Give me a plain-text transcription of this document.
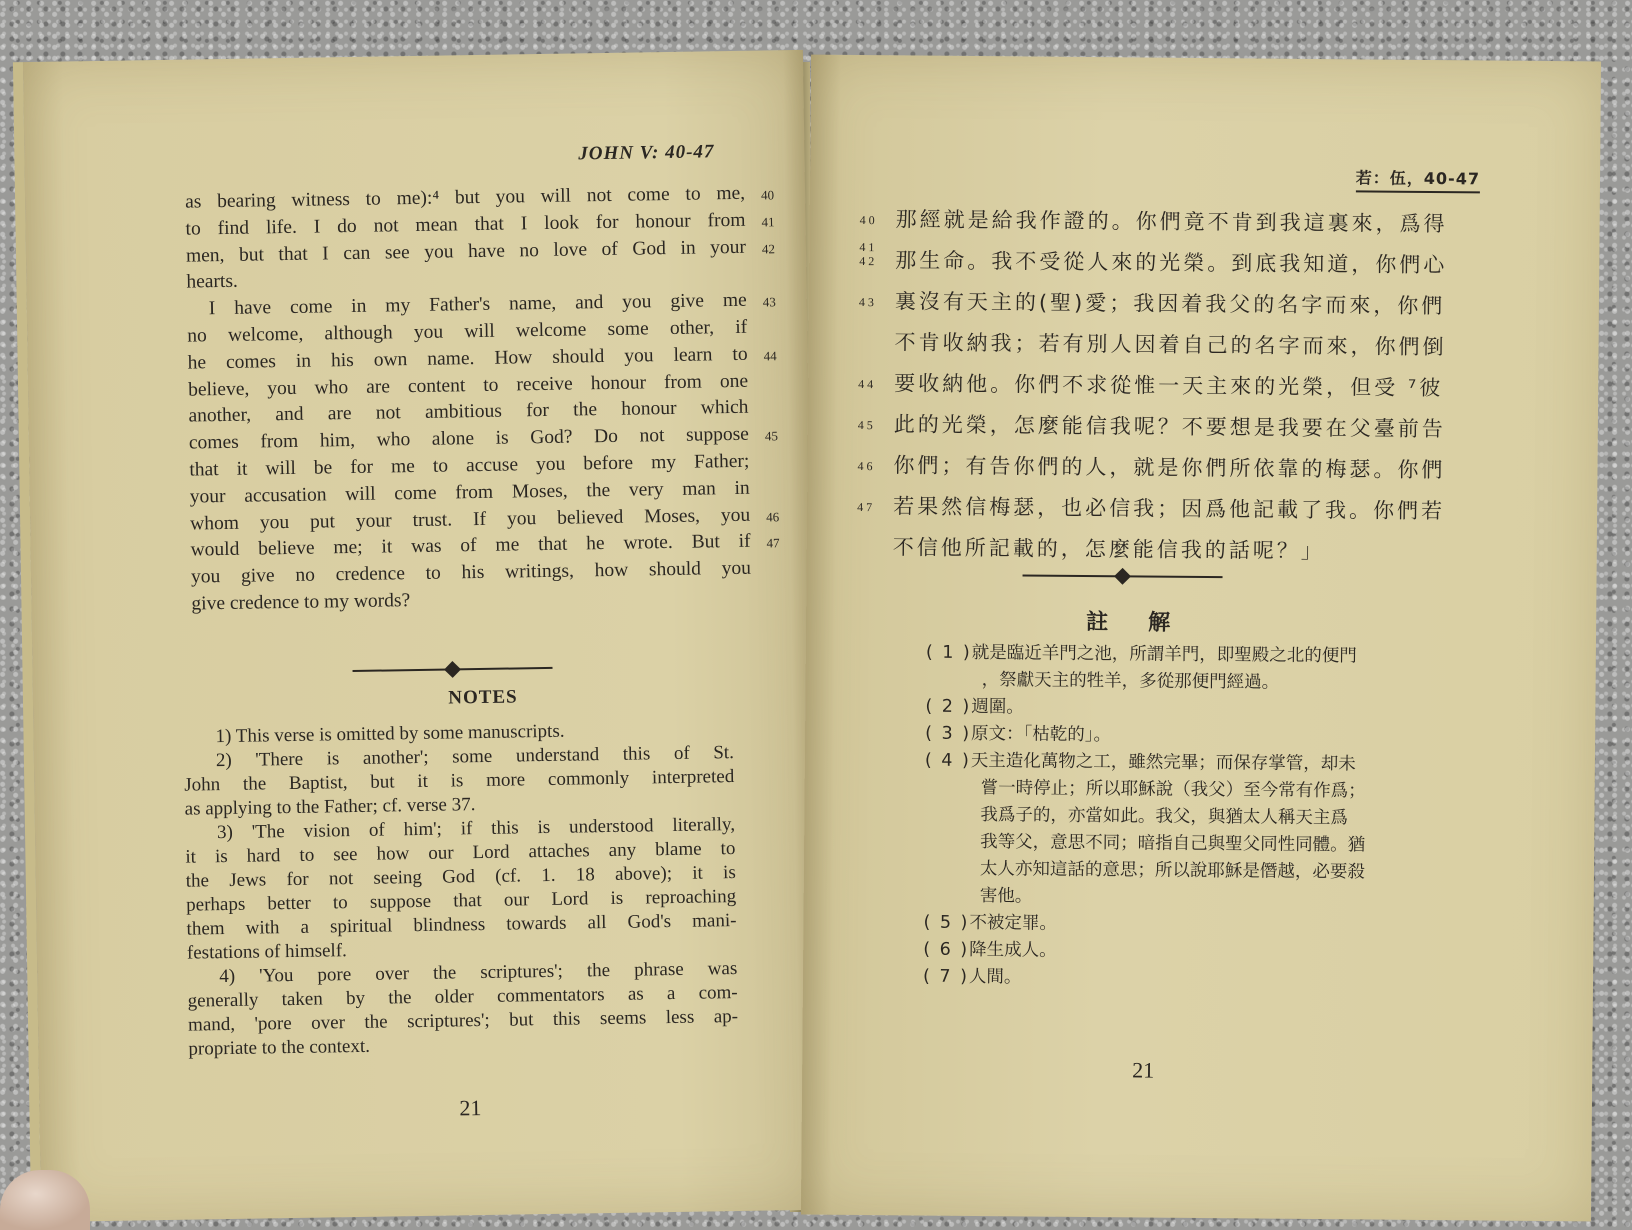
JOHN V: 40-47
as bearing witness to me):⁴ but you will not come to me, 40
to find life. I do not mean that I look for honour from 41
men, but that I can see you have no love of God in your 42
hearts.
I have come in my Father's name, and you give me 43
no welcome, although you will welcome some other, if
he comes in his own name. How should you learn to 44
believe, you who are content to receive honour from one
another, and are not ambitious for the honour which
comes from him, who alone is God? Do not suppose 45
that it will be for me to accuse you before my Father;
your accusation will come from Moses, the very man in
whom you put your trust. If you believed Moses, you 46
would believe me; it was of me that he wrote. But if 47
you give no credence to his writings, how should you
give credence to my words?
NOTES
1) This verse is omitted by some manuscripts.
2) 'There is another'; some understand this of St.
John the Baptist, but it is more commonly interpreted
as applying to the Father; cf. verse 37.
3) 'The vision of him'; if this is understood literally,
it is hard to see how our Lord attaches any blame to
the Jews for not seeing God (cf. 1. 18 above); it is
perhaps better to suppose that our Lord is reproaching
them with a spiritual blindness towards all God's mani-
festations of himself.
4) 'You pore over the scriptures'; the phrase was
generally taken by the older commentators as a com-
mand, 'pore over the scriptures'; but this seems less ap-
propriate to the context.
21
若：伍，40-47
40 那經就是給我作證的。你們竟不肯到我這裏來，爲得
41
42 那生命。我不受從人來的光榮。到底我知道，你們心
43 裏沒有天主的(聖)愛；我因着我父的名字而來，你們
不肯收納我；若有別人因着自己的名字而來，你們倒
44 要收納他。你們不求從惟一天主來的光榮，但受 ⁷彼
45 此的光榮，怎麼能信我呢？不要想是我要在父臺前告
46 你們；有告你們的人，就是你們所依靠的梅瑟。你們
47 若果然信梅瑟，也必信我；因爲他記載了我。你們若
不信他所記載的，怎麼能信我的話呢？」
註解
( 1 )就是臨近羊門之池，所謂羊門，即聖殿之北的便門
，祭獻天主的牲羊，多從那便門經過。
( 2 )週圍。
( 3 )原文：「枯乾的」。
( 4 )天主造化萬物之工，雖然完畢；而保存掌管，却未
嘗一時停止；所以耶穌說（我父）至今常有作爲；
我爲子的，亦當如此。我父，與猶太人稱天主爲
我等父，意思不同；暗指自己與聖父同性同體。猶
太人亦知這話的意思；所以說耶穌是僭越，必要殺
害他。
( 5 )不被定罪。
( 6 )降生成人。
( 7 )人間。
21
